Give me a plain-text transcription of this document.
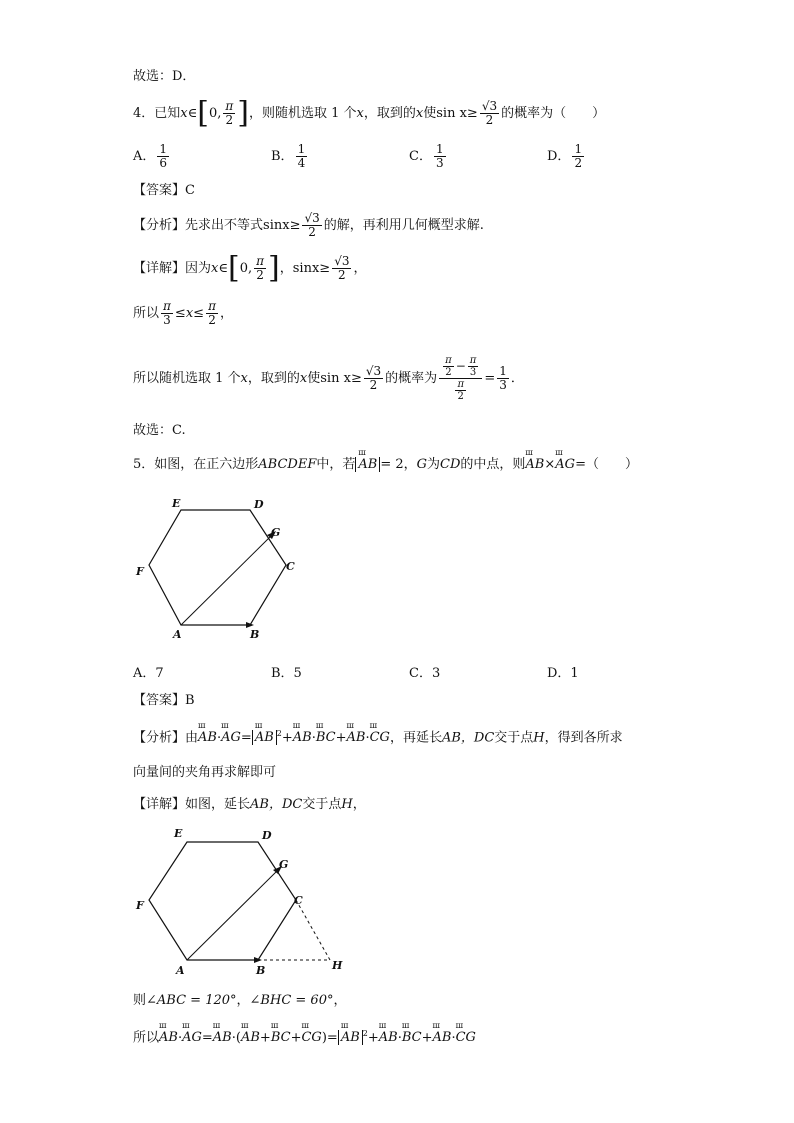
故选：D．
4．已知x∈[0, $\frac{\pi}{2}$ ]，则随机选取 1 个x，取到的x使$\sin x\ge \frac{√3}{2}$ 的概率为（　　）
A． $\frac{1}{6}$	B． $\frac{1}{4}$	C． $\frac{1}{3}$	D． $\frac{1}{2}$
【答案】C
【分析】先求出不等式$\sin x\ge \frac{√3}{2}$ 的解，再利用几何概型求解.
【详解】因为x∈[0, $\frac{\pi}{2}$ ]，$\sin x\ge \frac{√3}{2}$ ，
所以 $\frac{\pi}{3} \le x\le \frac{\pi}{2}$ ，
所以随机选取 1 个x，取到的x使$\sin x\ge \frac{√3}{2}$ 的概率为 $\frac{\frac{\pi}{2} - \frac{\pi}{3}}{\frac{\pi}{2}} = \frac{1}{3}$ ．
故选：C.
5．如图，在正六边形ABCDEF中，若 ш AB = 2，G为CD的中点，则ш AB×ш AG=（　　）
E	D
G
F	C
A	B
A．7	B．5	C．3	D．1
【答案】B
【分析】由ш AB·ш AG= ш AB $^2$+ш AB·ш BC+ш AB·ш CG，再延长AB，DC交于点H，得到各所求
向量间的夹角再求解即可
【详解】如图，延长AB，DC交于点H，
E	D
G
F	C
A	B	H
则∠ABC = 120°，∠BHC = 60°，
所以ш AB·ш AG=ш AB·(ш AB+ш BC+ш CG)= ш AB $^2$+ш AB·ш BC+ш AB·ш CG
